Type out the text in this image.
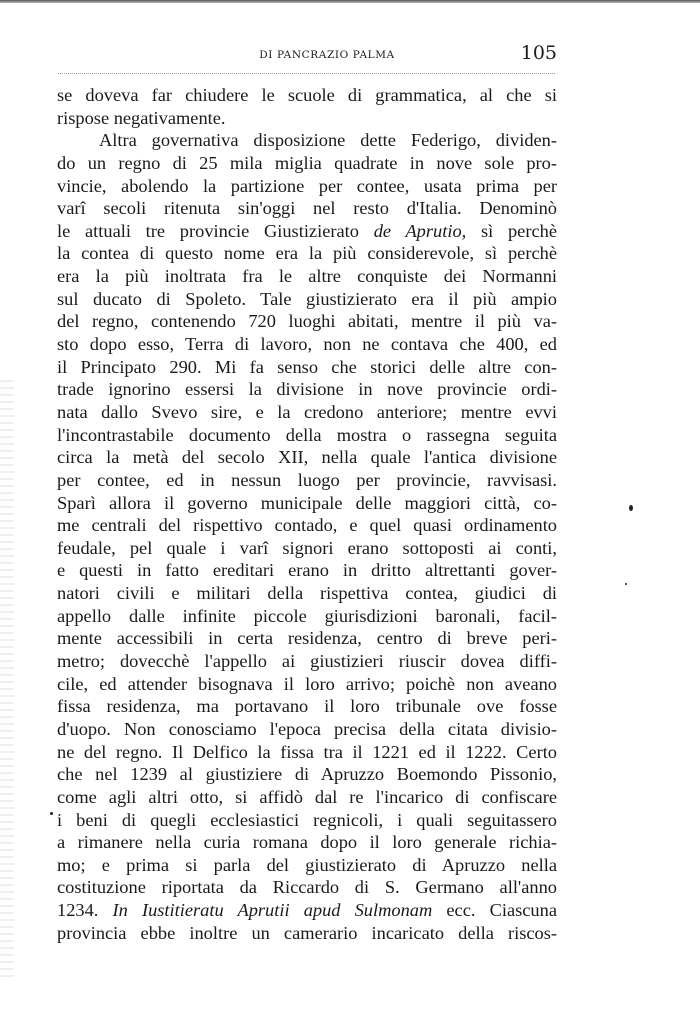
DI PANCRAZIO PALMA	105
se doveva far chiudere le scuole di grammatica, al che si
rispose negativamente.
Altra governativa disposizione dette Federigo, dividen-
do un regno di 25 mila miglia quadrate in nove sole pro-
vincie, abolendo la partizione per contee, usata prima per
varî secoli ritenuta sin'oggi nel resto d'Italia. Denominò
le attuali tre provincie Giustizierato de Aprutio, sì perchè
la contea di questo nome era la più considerevole, sì perchè
era la più inoltrata fra le altre conquiste dei Normanni
sul ducato di Spoleto. Tale giustizierato era il più ampio
del regno, contenendo 720 luoghi abitati, mentre il più va-
sto dopo esso, Terra di lavoro, non ne contava che 400, ed
il Principato 290. Mi fa senso che storici delle altre con-
trade ignorino essersi la divisione in nove provincie ordi-
nata dallo Svevo sire, e la credono anteriore; mentre evvi
l'incontrastabile documento della mostra o rassegna seguita
circa la metà del secolo XII, nella quale l'antica divisione
per contee, ed in nessun luogo per provincie, ravvisasi.
Sparì allora il governo municipale delle maggiori città, co-
me centrali del rispettivo contado, e quel quasi ordinamento
feudale, pel quale i varî signori erano sottoposti ai conti,
e questi in fatto ereditari erano in dritto altrettanti gover-
natori civili e militari della rispettiva contea, giudici di
appello dalle infinite piccole giurisdizioni baronali, facil-
mente accessibili in certa residenza, centro di breve peri-
metro; dovecchè l'appello ai giustizieri riuscir dovea diffi-
cile, ed attender bisognava il loro arrivo; poichè non aveano
fissa residenza, ma portavano il loro tribunale ove fosse
d'uopo. Non conosciamo l'epoca precisa della citata divisio-
ne del regno. Il Delfico la fissa tra il 1221 ed il 1222. Certo
che nel 1239 al giustiziere di Apruzzo Boemondo Pissonio,
come agli altri otto, si affidò dal re l'incarico di confiscare
i beni di quegli ecclesiastici regnicoli, i quali seguitassero
a rimanere nella curia romana dopo il loro generale richia-
mo; e prima si parla del giustizierato di Apruzzo nella
costituzione riportata da Riccardo di S. Germano all'anno
1234. In Iustitieratu Aprutii apud Sulmonam ecc. Ciascuna
provincia ebbe inoltre un camerario incaricato della riscos-
